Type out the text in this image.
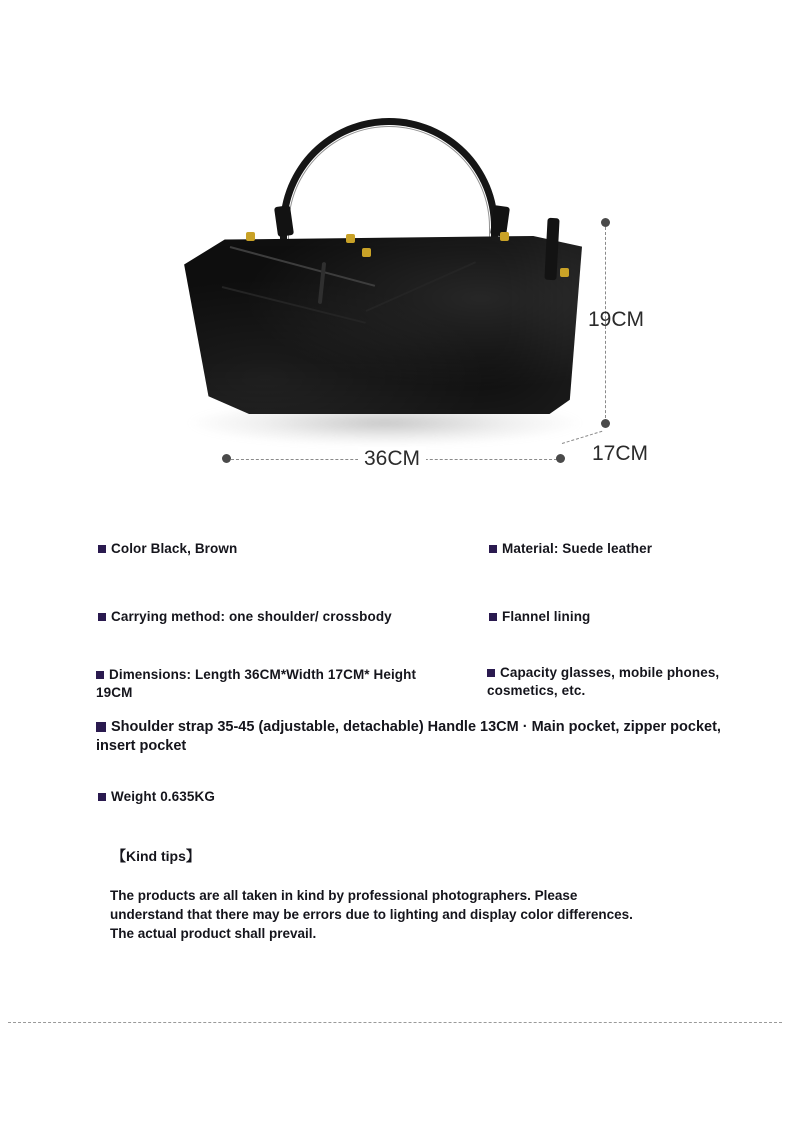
19CM
36CM	17CM
Color Black, Brown	Material: Suede leather
Carrying method: one shoulder/ crossbody	Flannel lining
Dimensions: Length 36CM*Width 17CM* Height 19CM
Capacity glasses, mobile phones, cosmetics, etc.
Shoulder strap 35-45 (adjustable, detachable) Handle 13CM · Main pocket, zipper pocket, insert pocket
Weight 0.635KG
【Kind tips】
The products are all taken in kind by professional photographers. Please understand that there may be errors due to lighting and display color differences. The actual product shall prevail.
